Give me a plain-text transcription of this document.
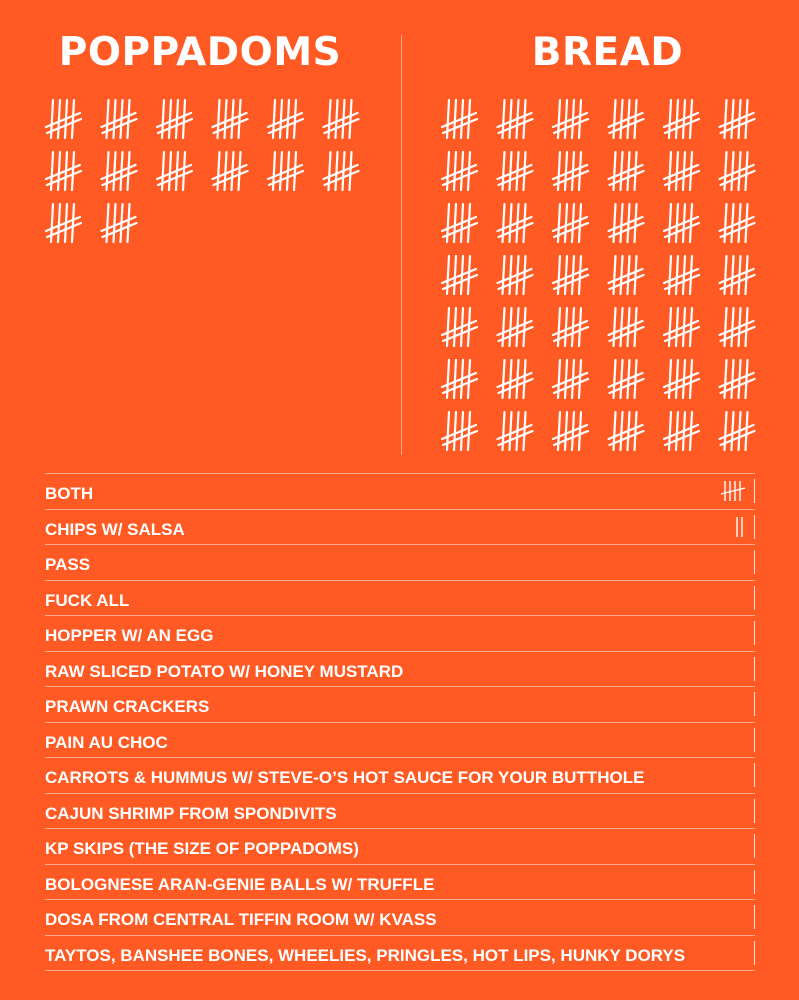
POPPADOMS	BREAD
BOTH
CHIPS W/ SALSA
PASS
FUCK ALL
HOPPER W/ AN EGG
RAW SLICED POTATO W/ HONEY MUSTARD
PRAWN CRACKERS
PAIN AU CHOC
CARROTS & HUMMUS W/ STEVE-O’S HOT SAUCE FOR YOUR BUTTHOLE
CAJUN SHRIMP FROM SPONDIVITS
KP SKIPS (THE SIZE OF POPPADOMS)
BOLOGNESE ARAN-GENIE BALLS W/ TRUFFLE
DOSA FROM CENTRAL TIFFIN ROOM W/ KVASS
TAYTOS, BANSHEE BONES, WHEELIES, PRINGLES, HOT LIPS, HUNKY DORYS
